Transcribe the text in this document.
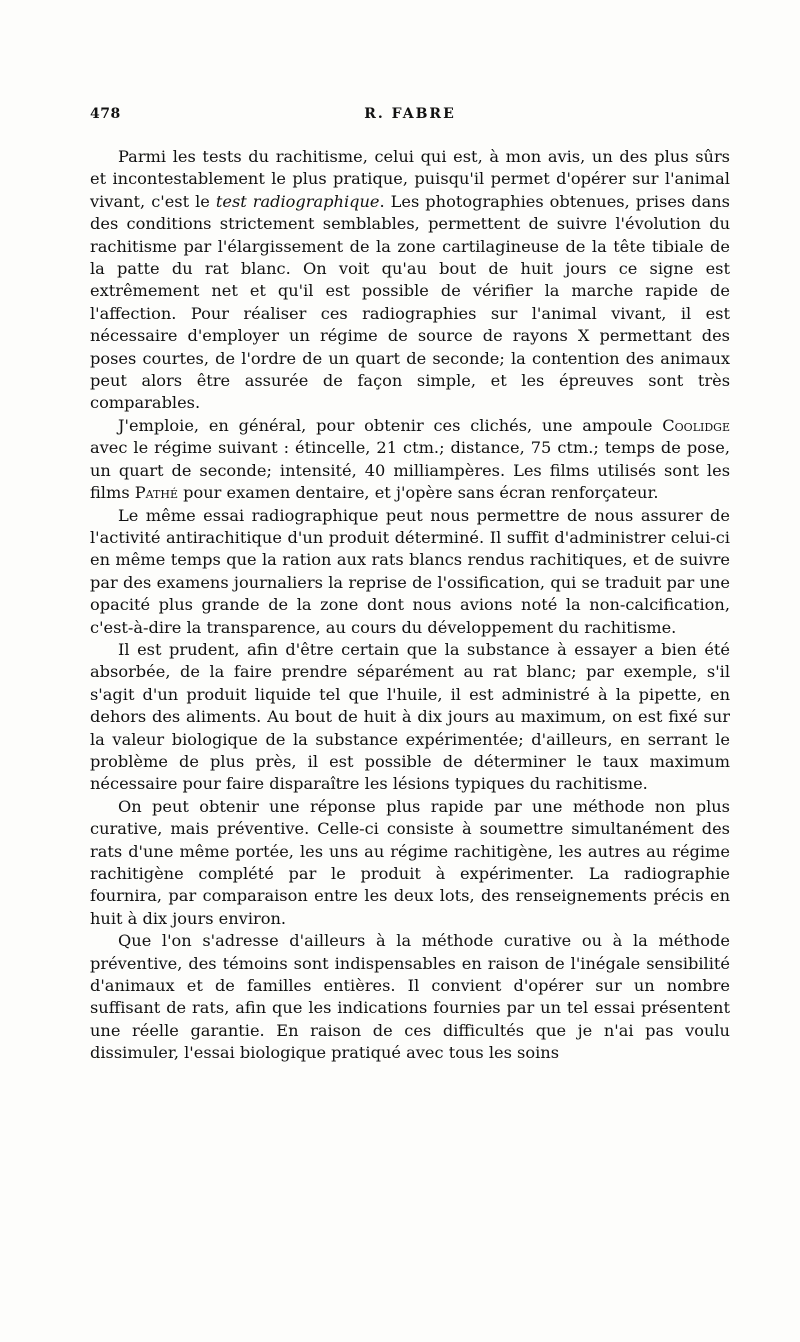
478	R. FABRE

Parmi les tests du rachitisme, celui qui est, à mon avis, un des plus sûrs et incontestablement le plus pratique, puisqu'il permet d'opérer sur l'animal vivant, c'est le test radiographique. Les photographies obtenues, prises dans des conditions strictement semblables, permettent de suivre l'évolution du rachitisme par l'élargissement de la zone cartilagineuse de la tête tibiale de la patte du rat blanc. On voit qu'au bout de huit jours ce signe est extrêmement net et qu'il est possible de vérifier la marche rapide de l'affection. Pour réaliser ces radiographies sur l'animal vivant, il est nécessaire d'employer un régime de source de rayons X permettant des poses courtes, de l'ordre de un quart de seconde; la contention des animaux peut alors être assurée de façon simple, et les épreuves sont très comparables.

J'emploie, en général, pour obtenir ces clichés, une ampoule Coolidge avec le régime suivant : étincelle, 21 ctm.; distance, 75 ctm.; temps de pose, un quart de seconde; intensité, 40 milliampères. Les films utilisés sont les films Pathé pour examen dentaire, et j'opère sans écran renforçateur.

Le même essai radiographique peut nous permettre de nous assurer de l'activité antirachitique d'un produit déterminé. Il suffit d'administrer celui-ci en même temps que la ration aux rats blancs rendus rachitiques, et de suivre par des examens journaliers la reprise de l'ossification, qui se traduit par une opacité plus grande de la zone dont nous avions noté la non-calcification, c'est-à-dire la transparence, au cours du développement du rachitisme.

Il est prudent, afin d'être certain que la substance à essayer a bien été absorbée, de la faire prendre séparément au rat blanc; par exemple, s'il s'agit d'un produit liquide tel que l'huile, il est administré à la pipette, en dehors des aliments. Au bout de huit à dix jours au maximum, on est fixé sur la valeur biologique de la substance expérimentée; d'ailleurs, en serrant le problème de plus près, il est possible de déterminer le taux maximum nécessaire pour faire disparaître les lésions typiques du rachitisme.

On peut obtenir une réponse plus rapide par une méthode non plus curative, mais préventive. Celle-ci consiste à soumettre simultanément des rats d'une même portée, les uns au régime rachitigène, les autres au régime rachitigène complété par le produit à expérimenter. La radiographie fournira, par comparaison entre les deux lots, des renseignements précis en huit à dix jours environ.

Que l'on s'adresse d'ailleurs à la méthode curative ou à la méthode préventive, des témoins sont indispensables en raison de l'inégale sensibilité d'animaux et de familles entières. Il convient d'opérer sur un nombre suffisant de rats, afin que les indications fournies par un tel essai présentent une réelle garantie. En raison de ces difficultés que je n'ai pas voulu dissimuler, l'essai biologique pratiqué avec tous les soins
